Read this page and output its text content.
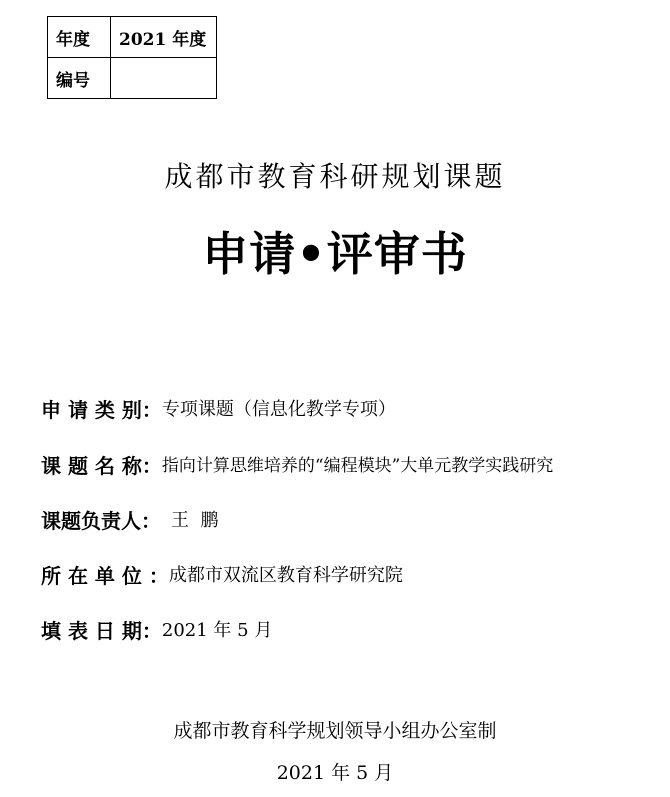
年度	2021 年度
编号	
成都市教育科研规划课题
申请•评审书
申 请 类 别： 专项课题（信息化教学专项）
课 题 名 称： 指向计算思维培养的“编程模块”大单元教学实践研究
课题负责人： 王  鹏
所 在 单 位 ： 成都市双流区教育科学研究院
填 表 日 期： 2021 年 5 月
成都市教育科学规划领导小组办公室制
2021 年 5 月
